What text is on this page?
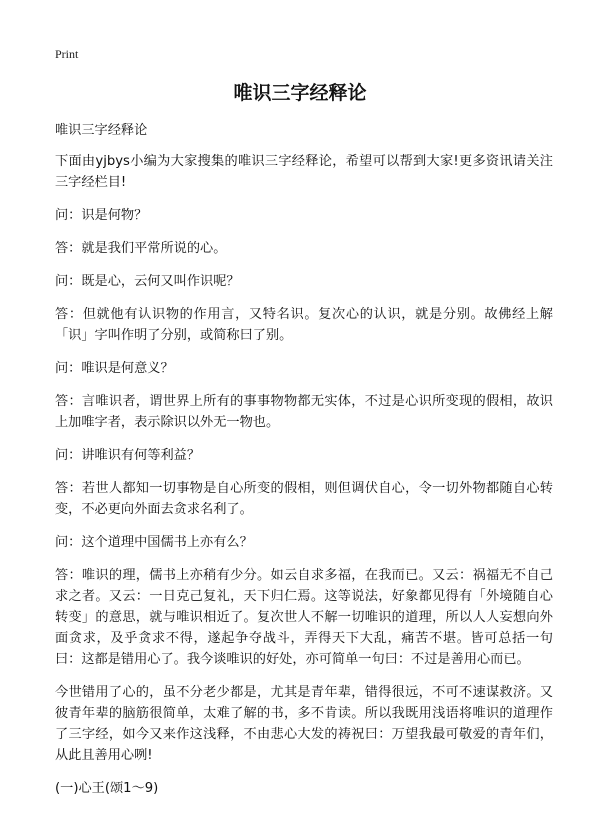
Print
唯识三字经释论

唯识三字经释论

下面由yjbys小编为大家搜集的唯识三字经释论，希望可以帮到大家!更多资讯请关注三字经栏目!

问：识是何物？

答：就是我们平常所说的心。

问：既是心，云何又叫作识呢？

答：但就他有认识物的作用言，又特名识。复次心的认识，就是分别。故佛经上解「识」字叫作明了分别，或简称曰了别。

问：唯识是何意义？

答：言唯识者，谓世界上所有的事事物物都无实体，不过是心识所变现的假相，故识上加唯字者，表示除识以外无一物也。

问：讲唯识有何等利益？

答：若世人都知一切事物是自心所变的假相，则但调伏自心，令一切外物都随自心转变，不必更向外面去贪求名利了。

问：这个道理中国儒书上亦有么？

答：唯识的理，儒书上亦稍有少分。如云自求多福，在我而已。又云：祸福无不自己求之者。又云：一日克己复礼，天下归仁焉。这等说法，好象都见得有「外境随自心转变」的意思，就与唯识相近了。复次世人不解一切唯识的道理，所以人人妄想向外面贪求，及乎贪求不得，遂起争夺战斗，弄得天下大乱，痛苦不堪。皆可总括一句曰：这都是错用心了。我今谈唯识的好处，亦可简单一句曰：不过是善用心而已。

今世错用了心的，虽不分老少都是，尤其是青年辈，错得很远，不可不速谋救济。又彼青年辈的脑筋很简单，太难了解的书，多不肯读。所以我既用浅语将唯识的道理作了三字经，如今又来作这浅释，不由悲心大发的祷祝曰：万望我最可敬爱的青年们，从此且善用心咧!

(一)心王(颂1～9)
